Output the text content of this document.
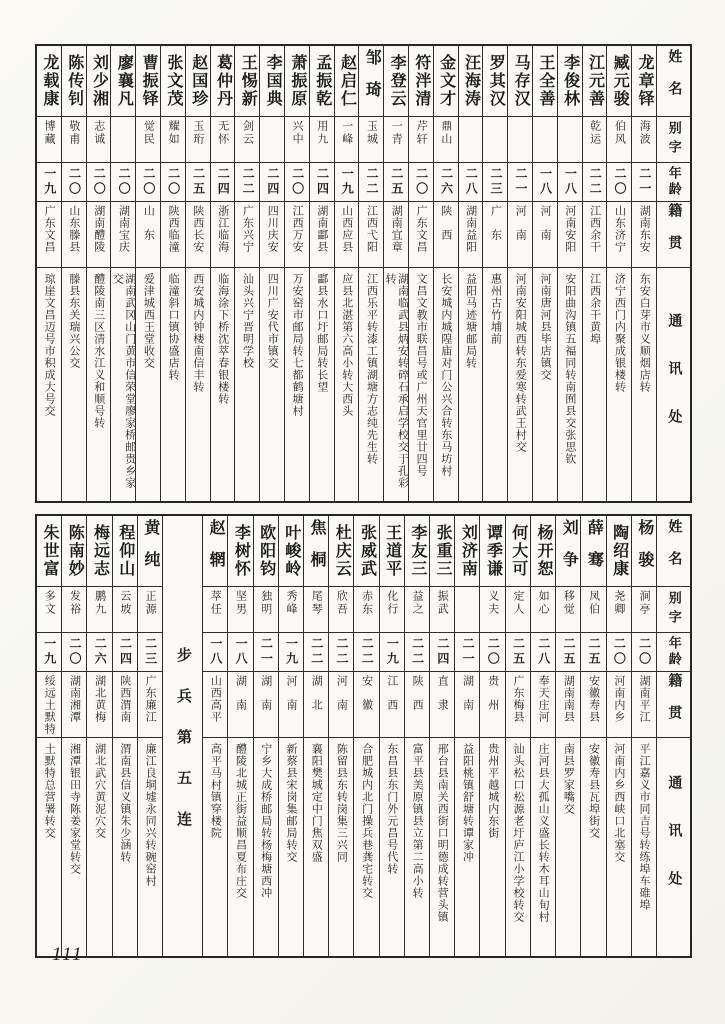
姓名
别字
年龄
籍贯
通讯处
龙章铎
海波
二一
湖南东安
东安白芽市义顺烟店转
臧元骏
伯风
二〇
山东济宁
济宁西门内聚成银楼转
江元善
乾运
二二
江西余干
江西余干黄埠
李俊林
一八
河南安阳
安阳曲沟镇五福同转南囿县交张思钦
王全善
一八
河　南
河南唐河县毕店镇交
马存汉
二一
河　南
河南安阳城西转东爱寒转武王村交
罗其汉
二三
广　东
惠州古竹埔前
汪海涛
二八
湖南益阳
益阳马迹塘邮局转
金文才
鼎山
二六
陕　西
长安城内城隍庙对门公兴合转东马坊村
符泮清
芹轩
二〇
广东文昌
文昌文教市联昌号或广州天官里廿四号
李登云
一青
二五
湖南宜章
湖南临武县炳安转碎石承启学校交于孔彩转
邹琦
玉城
二二
江西弋阳
江西乐平转漆工镇湖塘方志纯先生转
赵启仁
一峰
一九
山西应县
应县北湛第六高小转大西头
孟振乾
用九
二四
湖南酃县
酃县水口圩邮局转长望
萧振原
兴中
二〇
江西万安
万安窑市邮局转七都鹤塘村
李国典
二四
四川庆安
四川广安代市镇交
王惕新
剑云
二二
广东兴宁
汕头兴宁晋明学校
葛仲丹
无怀
二四
浙江临海
临海涂下桥沈萃春银楼转
赵国珍
玉珩
二五
陕西长安
西安城内钟楼南信丰转
张文茂
耀如
二〇
陕西临潼
临潼斜口镇协盛店转
曹振铎
觉民
二〇
山　东
爱津城西王堂收交
廖襄凡
二〇
湖南宝庆
湖南武冈山门黄市信荣堂廖家桥邮贵乡家交
刘少湘
志诚
二〇
湖南醴陵
醴陵南三区清水江义和顺号转
陈传钊
敬甫
二〇
山东滕县
滕县东关瑞兴公交
龙载康
博藏
一九
广东文昌
琼崖文昌迈号市积成大号交
姓名
别字
年龄
籍贯
通讯处
杨骏
涧亭
二〇
湖南平江
平江嘉义市同吉号转练埠车碓埠
陶绍康
尧卿
二〇
河南内乡
河南内乡西峡口北塞交
薛骞
凤伯
二五
安徽寿县
安徽寿县瓦埠街交
刘争
移觉
二五
湖南南县
南县罗家嘴交
杨开恕
如心
二八
奉天庄河
庄河县大孤山义盛长转木耳山旬村
何大可
定人
二五
广东梅县
汕头松口松源老圩庐江小学校转交
谭季谦
义夫
二〇
贵　州
贵州平越城内东街
刘济南
二一
湖　南
益阳桃镇舒塘转谭家冲
张重三
振武
二四
直　隶
邢台县南关西街口明德成转营头镇
李友三
益之
二二
陕　西
富平县美原镇县立第二高小转
王道平
化行
一九
江　西
东昌县东门外元昌号代转
张威武
赤东
二二
安　徽
合肥城内北门操兵巷龚宅转交
杜庆云
欣吾
二二
河　南
陈留县东转岗集三兴同
焦桐
尾琴
二二
湖　北
襄阳樊城定中门焦双盛
叶峻岭
秀峰
一九
河　南
新蔡县宋岗集邮局转交
欧阳钧
独明
二一
湖　南
宁乡大成桥邮局转杨梅塘西冲
李树怀
坚男
一八
湖　南
醴陵北城正街益顺昌夏布庄交
赵辋
萃任
一八
山西高平
高平马村镇穿楼院
步兵第五连
黄纯
正源
二三
广东廉江
廉江良垌墟永同兴转碗窑村
程仰山
云坡
二四
陕西渭南
渭南县信义镇朱少涵转
梅远志
鹏九
二六
湖北黄梅
湖北武穴黄泥穴交
陈南妙
发裕
二〇
湖南湘潭
湘潭银田寺陈姜家堂转交
朱世富
多文
一九
绥远土默特
土默特总营署转交
111
